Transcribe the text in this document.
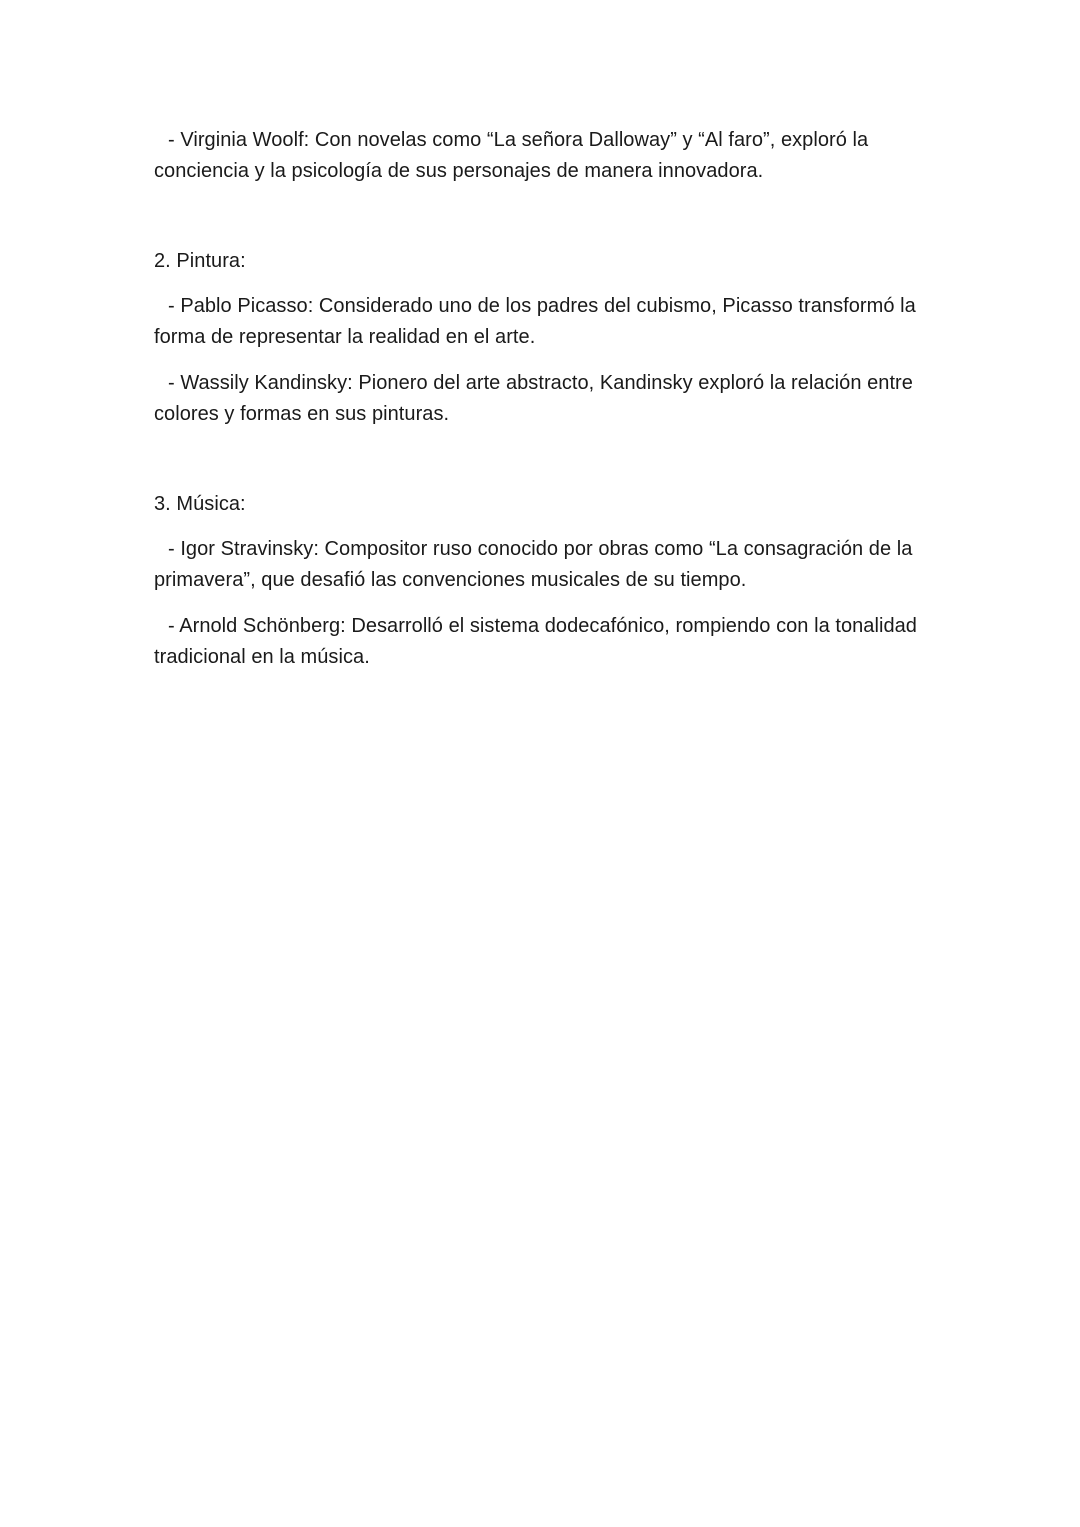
- Virginia Woolf: Con novelas como “La señora Dalloway” y “Al faro”, exploró la conciencia y la psicología de sus personajes de manera innovadora.

2. Pintura:

- Pablo Picasso: Considerado uno de los padres del cubismo, Picasso transformó la forma de representar la realidad en el arte.

- Wassily Kandinsky: Pionero del arte abstracto, Kandinsky exploró la relación entre colores y formas en sus pinturas.

3. Música:

- Igor Stravinsky: Compositor ruso conocido por obras como “La consagración de la primavera”, que desafió las convenciones musicales de su tiempo.

- Arnold Schönberg: Desarrolló el sistema dodecafónico, rompiendo con la tonalidad tradicional en la música.
